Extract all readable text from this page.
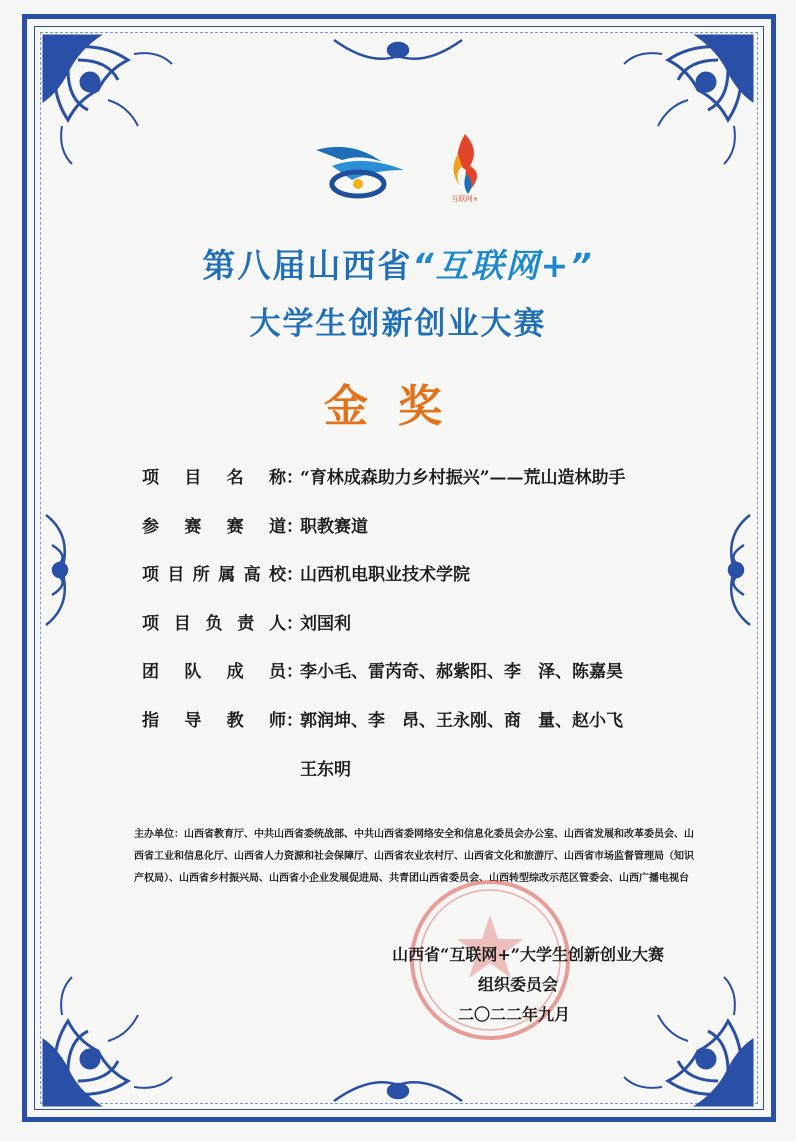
互联网+
第八届山西省“互联网+”
大学生创新创业大赛
金奖
项目名称：“育林成森助力乡村振兴”——荒山造林助手
参赛赛道：职教赛道
项目所属高校：山西机电职业技术学院
项目负责人：刘国利
团队成员：李小毛、雷芮奇、郝紫阳、李　泽、陈嘉昊
指导教师：郭润坤、李　昂、王永刚、商　量、赵小飞
王东明
主办单位：山西省教育厅、中共山西省委统战部、中共山西省委网络安全和信息化委员会办公室、山西省发展和改革委员会、山西省工业和信息化厅、山西省人力资源和社会保障厅、山西省农业农村厅、山西省文化和旅游厅、山西省市场监督管理局（知识产权局）、山西省乡村振兴局、山西省小企业发展促进局、共青团山西省委员会、山西转型综改示范区管委会、山西广播电视台
山西省“互联网+”大学生创新创业大赛
组织委员会
二〇二二年九月
